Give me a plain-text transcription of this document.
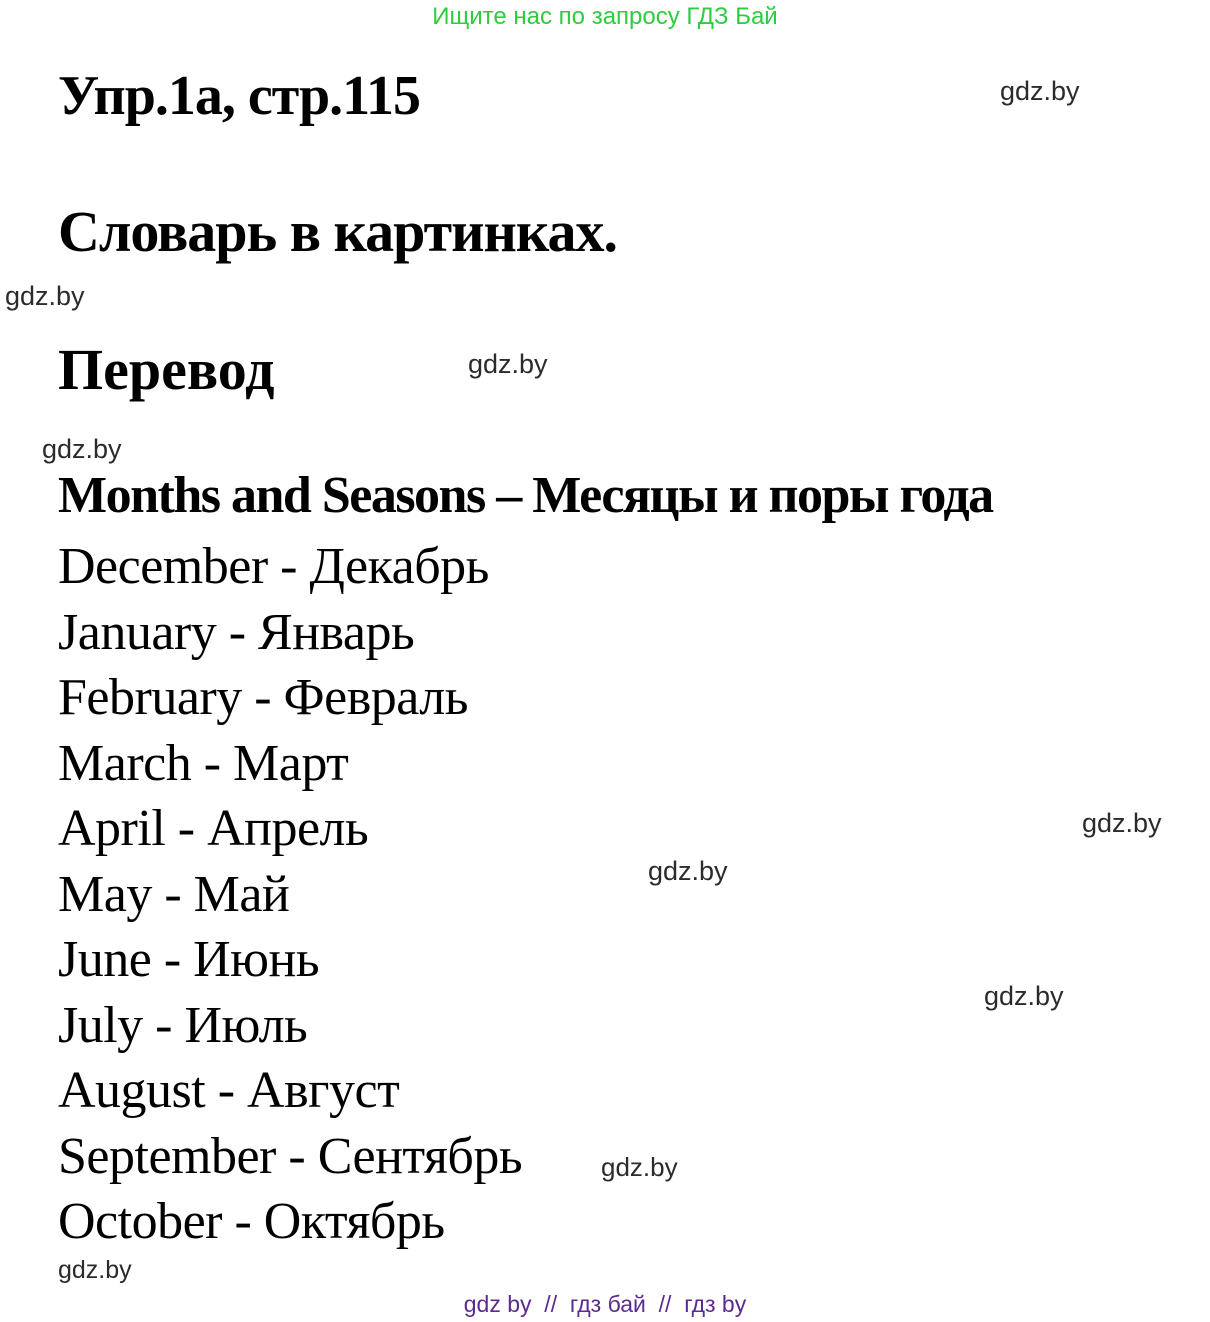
Ищите нас по запросу ГДЗ Бай
gdz.by
Упр.1а, стр.115
Словарь в картинках.
gdz.by
Перевод	gdz.by
gdz.by
Months and Seasons – Месяцы и поры года
December - Декабрь
January - Январь
February - Февраль
March - Март
April - Апрель
May - Май
June - Июнь
July - Июль
August - Август
September - Сентябрь
October - Октябрь
gdz.by
gdz.by
gdz.by
gdz.by
gdz.by
gdz by  //  гдз бай  //  гдз by
